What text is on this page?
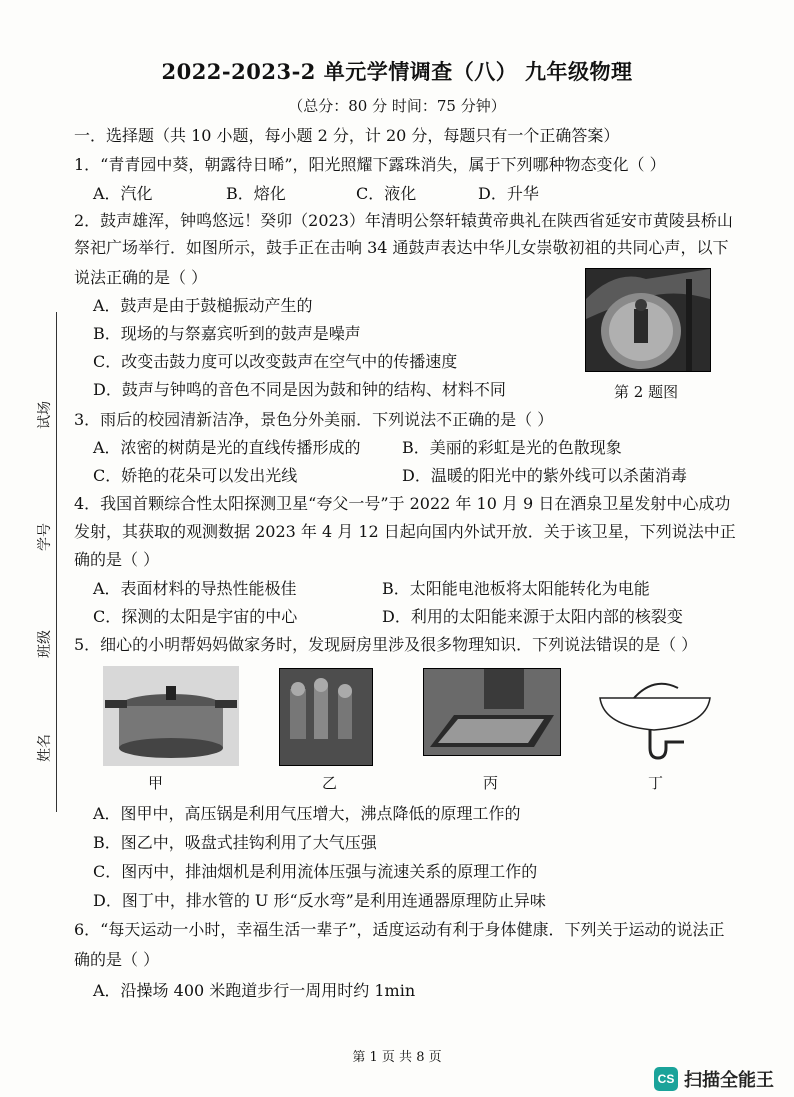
2022-2023-2 单元学情调查（八） 九年级物理
（总分：80 分 时间：75 分钟）
试场
学号
班级
姓名
一．选择题（共 10 小题，每小题 2 分，计 20 分，每题只有一个正确答案）
1．“青青园中葵，朝露待日晞”，阳光照耀下露珠消失，属于下列哪种物态变化（ ）
A．汽化	B．熔化	C．液化	D．升华
2．鼓声雄浑，钟鸣悠远！癸卯（2023）年清明公祭轩辕黄帝典礼在陕西省延安市黄陵县桥山
祭祀广场举行．如图所示，鼓手正在击响 34 通鼓声表达中华儿女崇敬初祖的共同心声，以下
说法正确的是（ ）
A．鼓声是由于鼓槌振动产生的
B．现场的与祭嘉宾听到的鼓声是噪声
C．改变击鼓力度可以改变鼓声在空气中的传播速度
D．鼓声与钟鸣的音色不同是因为鼓和钟的结构、材料不同	第 2 题图
3．雨后的校园清新洁净，景色分外美丽．下列说法不正确的是（ ）
A．浓密的树荫是光的直线传播形成的	B．美丽的彩虹是光的色散现象
C．娇艳的花朵可以发出光线	D．温暖的阳光中的紫外线可以杀菌消毒
4．我国首颗综合性太阳探测卫星“夸父一号”于 2022 年 10 月 9 日在酒泉卫星发射中心成功
发射，其获取的观测数据 2023 年 4 月 12 日起向国内外试开放．关于该卫星，下列说法中正
确的是（ ）
A．表面材料的导热性能极佳	B．太阳能电池板将太阳能转化为电能
C．探测的太阳是宇宙的中心	D．利用的太阳能来源于太阳内部的核裂变
5．细心的小明帮妈妈做家务时，发现厨房里涉及很多物理知识．下列说法错误的是（ ）
甲	乙	丙	丁
A．图甲中，高压锅是利用气压增大，沸点降低的原理工作的
B．图乙中，吸盘式挂钩利用了大气压强
C．图丙中，排油烟机是利用流体压强与流速关系的原理工作的
D．图丁中，排水管的 U 形“反水弯”是利用连通器原理防止异味
6．“每天运动一小时，幸福生活一辈子”，适度运动有利于身体健康．下列关于运动的说法正
确的是（ ）
A．沿操场 400 米跑道步行一周用时约 1min
第 1 页 共 8 页
CS 扫描全能王
